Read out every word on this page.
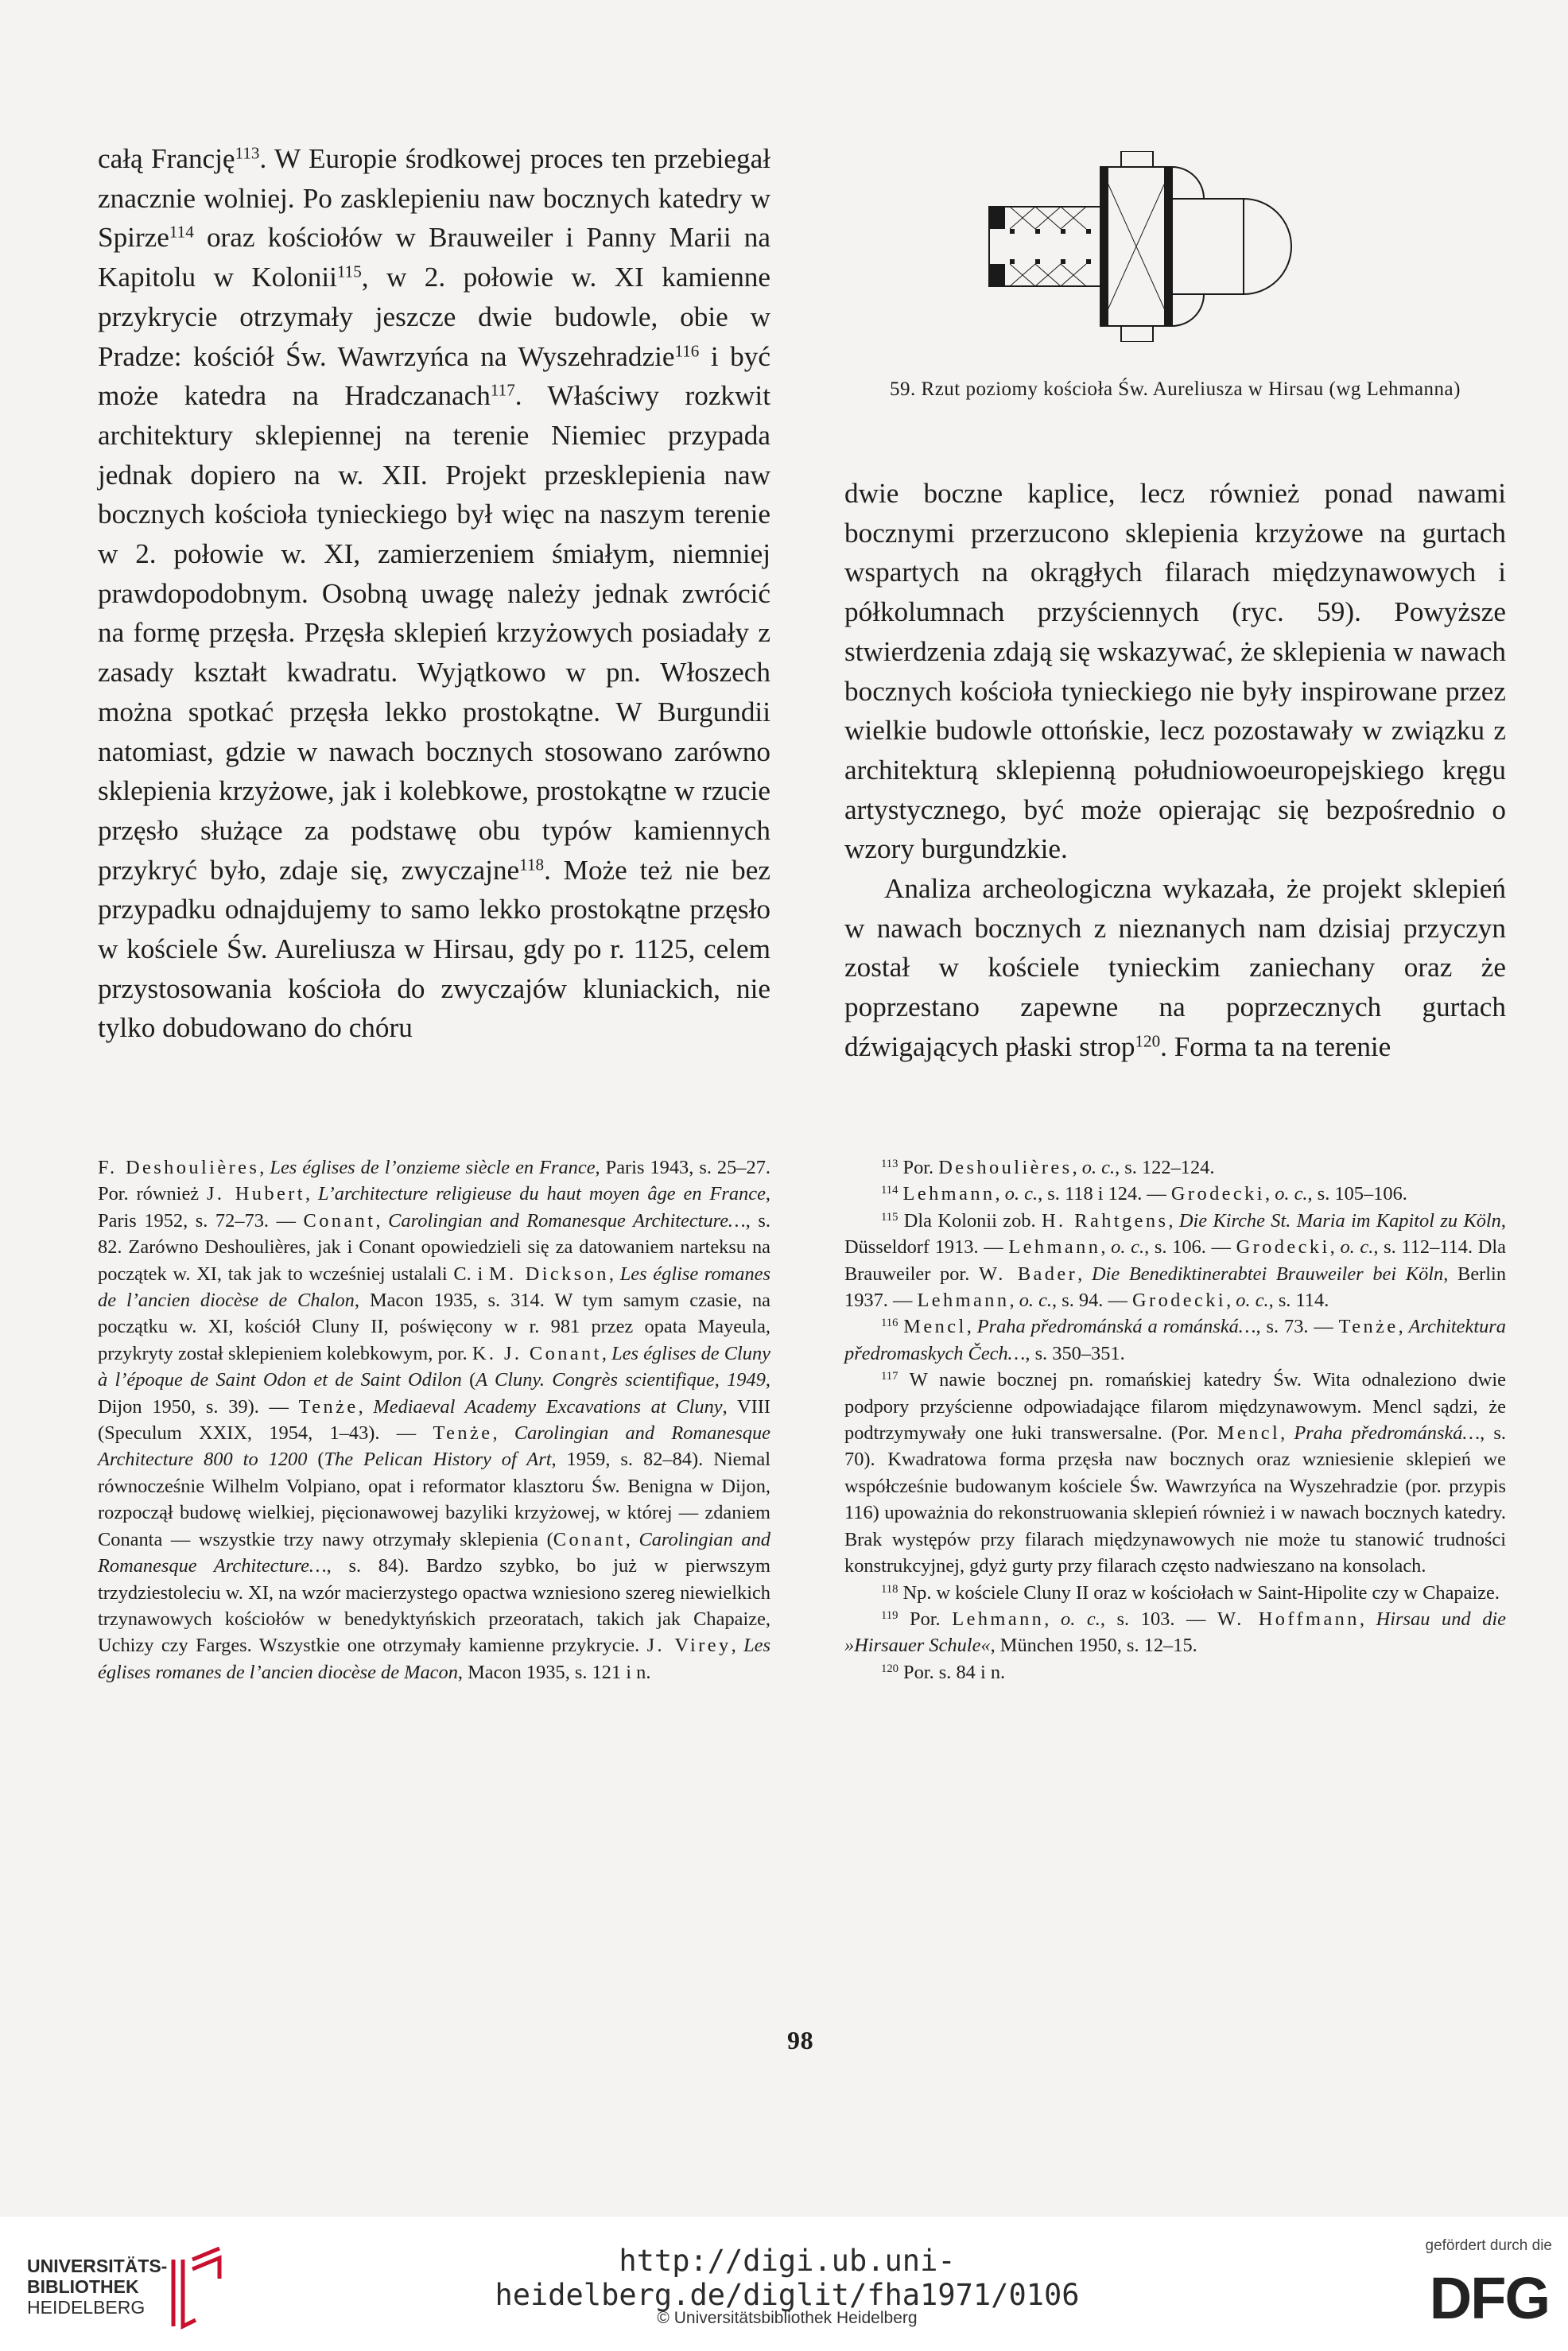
całą Francję$^{113}$. W Europie środkowej proces ten przebiegał znacznie wolniej. Po zasklepieniu naw bocznych katedry w Spirze$^{114}$ oraz kościołów w Brauweiler i Panny Marii na Kapitolu w Kolonii$^{115}$, w 2. połowie w. XI kamienne przykrycie otrzymały jeszcze dwie budowle, obie w Pradze: kościół Św. Wawrzyńca na Wyszehradzie$^{116}$ i być może katedra na Hradczanach$^{117}$. Właściwy rozkwit architektury sklepiennej na terenie Niemiec przypada jednak dopiero na w. XII. Projekt przesklepienia naw bocznych kościoła tynieckiego był więc na naszym terenie w 2. połowie w. XI, zamierzeniem śmiałym, niemniej prawdopodobnym. Osobną uwagę należy jednak zwrócić na formę przęsła. Przęsła sklepień krzyżowych posiadały z zasady kształt kwadratu. Wyjątkowo w pn. Włoszech można spotkać przęsła lekko prostokątne. W Burgundii natomiast, gdzie w nawach bocznych stosowano zarówno sklepienia krzyżowe, jak i kolebkowe, prostokątne w rzucie przęsło służące za podstawę obu typów kamiennych przykryć było, zdaje się, zwyczajne$^{118}$. Może też nie bez przypadku odnajdujemy to samo lekko prostokątne przęsło w kościele Św. Aureliusza w Hirsau, gdy po r. 1125, celem przystosowania kościoła do zwyczajów kluniackich, nie tylko dobudowano do chóru

59. Rzut poziomy kościoła Św. Aureliusza w Hirsau (wg Lehmanna)

dwie boczne kaplice, lecz również ponad nawami bocznymi przerzucono sklepienia krzyżowe na gurtach wspartych na okrągłych filarach międzynawowych i półkolumnach przyściennych (ryc. 59). Powyższe stwierdzenia zdają się wskazywać, że sklepienia w nawach bocznych kościoła tynieckiego nie były inspirowane przez wielkie budowle ottońskie, lecz pozostawały w związku z architekturą sklepienną południowoeuropejskiego kręgu artystycznego, być może opierając się bezpośrednio o wzory burgundzkie.

Analiza archeologiczna wykazała, że projekt sklepień w nawach bocznych z nieznanych nam dzisiaj przyczyn został w kościele tynieckim zaniechany oraz że poprzestano zapewne na poprzecznych gurtach dźwigających płaski strop$^{120}$. Forma ta na terenie

F. Deshoulières, Les églises de l’onzieme siècle en France, Paris 1943, s. 25–27. Por. również J. Hubert, L’architecture religieuse du haut moyen âge en France, Paris 1952, s. 72–73. — Conant, Carolingian and Romanesque Architecture…, s. 82. Zarówno Deshoulières, jak i Conant opowiedzieli się za datowaniem narteksu na początek w. XI, tak jak to wcześniej ustalali C. i M. Dickson, Les église romanes de l’ancien diocèse de Chalon, Macon 1935, s. 314. W tym samym czasie, na początku w. XI, kościół Cluny II, poświęcony w r. 981 przez opata Mayeula, przykryty został sklepieniem kolebkowym, por. K. J. Conant, Les églises de Cluny à l’époque de Saint Odon et de Saint Odilon (A Cluny. Congrès scientifique, 1949, Dijon 1950, s. 39). — Tenże, Mediaeval Academy Excavations at Cluny, VIII (Speculum XXIX, 1954, 1–43). — Tenże, Carolingian and Romanesque Architecture 800 to 1200 (The Pelican History of Art, 1959, s. 82–84). Niemal równocześnie Wilhelm Volpiano, opat i reformator klasztoru Św. Benigna w Dijon, rozpoczął budowę wielkiej, pięcionawowej bazyliki krzyżowej, w której — zdaniem Conanta — wszystkie trzy nawy otrzymały sklepienia (Conant, Carolingian and Romanesque Architecture…, s. 84). Bardzo szybko, bo już w pierwszym trzydziestoleciu w. XI, na wzór macierzystego opactwa wzniesiono szereg niewielkich trzynawowych kościołów w benedyktyńskich przeoratach, takich jak Chapaize, Uchizy czy Farges. Wszystkie one otrzymały kamienne przykrycie. J. Virey, Les églises romanes de l’ancien diocèse de Macon, Macon 1935, s. 121 i n.

$^{113}$ Por. Deshoulières, o. c., s. 122–124.

$^{114}$ Lehmann, o. c., s. 118 i 124. — Grodecki, o. c., s. 105–106.

$^{115}$ Dla Kolonii zob. H. Rahtgens, Die Kirche St. Maria im Kapitol zu Köln, Düsseldorf 1913. — Lehmann, o. c., s. 106. — Grodecki, o. c., s. 112–114. Dla Brauweiler por. W. Bader, Die Benediktinerabtei Brauweiler bei Köln, Berlin 1937. — Lehmann, o. c., s. 94. — Grodecki, o. c., s. 114.

$^{116}$ Mencl, Praha předrománská a románská…, s. 73. — Tenże, Architektura předromaskych Čech…, s. 350–351.

$^{117}$ W nawie bocznej pn. romańskiej katedry Św. Wita odnaleziono dwie podpory przyścienne odpowiadające filarom międzynawowym. Mencl sądzi, że podtrzymywały one łuki transwersalne. (Por. Mencl, Praha předrománská…, s. 70). Kwadratowa forma przęsła naw bocznych oraz wzniesienie sklepień we współcześnie budowanym kościele Św. Wawrzyńca na Wyszehradzie (por. przypis 116) upoważnia do rekonstruowania sklepień również i w nawach bocznych katedry. Brak występów przy filarach międzynawowych nie może tu stanowić trudności konstrukcyjnej, gdyż gurty przy filarach często nadwieszano na konsolach.

$^{118}$ Np. w kościele Cluny II oraz w kościołach w Saint-Hipolite czy w Chapaize.

$^{119}$ Por. Lehmann, o. c., s. 103. — W. Hoffmann, Hirsau und die »Hirsauer Schule«, München 1950, s. 12–15.

$^{120}$ Por. s. 84 i n.

98
UNIVERSITÄTS-
BIBLIOTHEK
HEIDELBERG
http://digi.ub.uni-heidelberg.de/diglit/fha1971/0106
© Universitätsbibliothek Heidelberg
gefördert durch die
DFG
